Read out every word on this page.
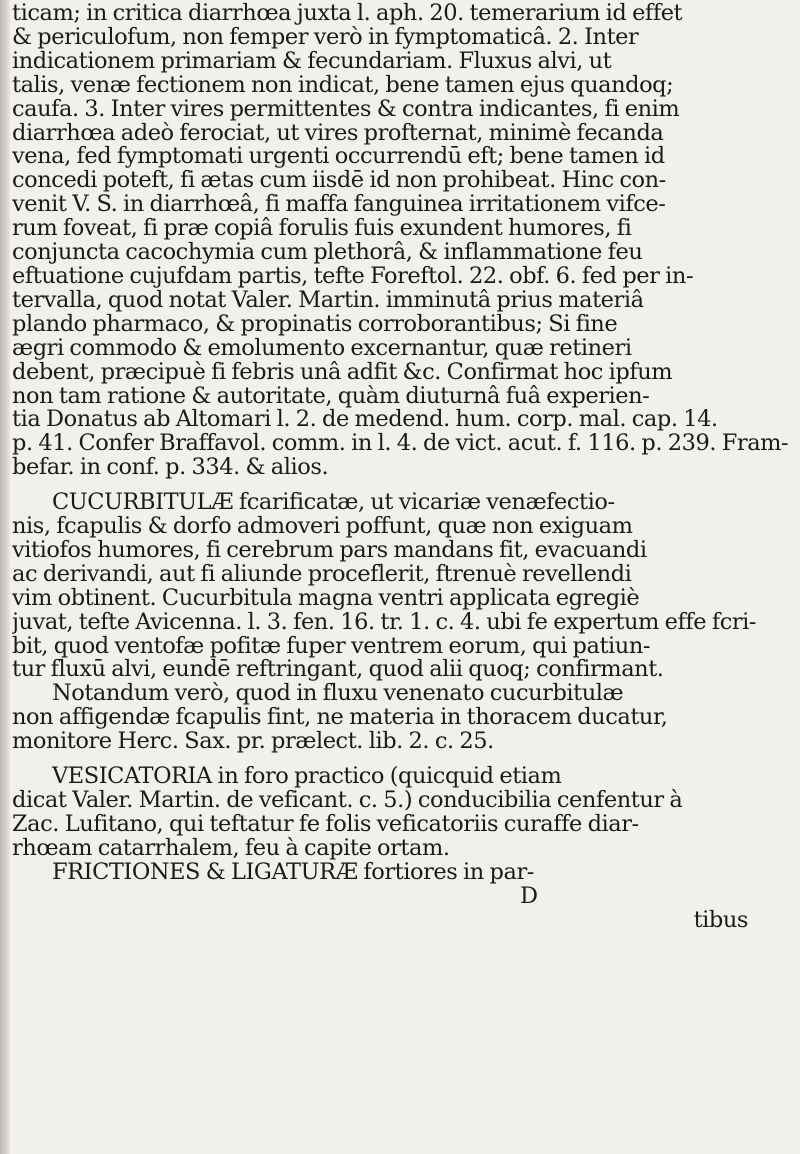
ticam; in critica diarrhœa juxta l. aph. 20. temerarium id effet
& periculofum, non femper verò in fymptomaticâ. 2. Inter
indicationem primariam & fecundariam. Fluxus alvi, ut
talis, venæ fectionem non indicat, bene tamen ejus quandoq;
caufa. 3. Inter vires permittentes & contra indicantes, fi enim
diarrhœa adeò ferociat, ut vires profternat, minimè fecanda
vena, fed fymptomati urgenti occurrendū eft; bene tamen id
concedi poteft, fi ætas cum iisdē id non prohibeat. Hinc con-
venit V. S. in diarrhœâ, fi maffa fanguinea irritationem vifce-
rum foveat, fi præ copiâ forulis fuis exundent humores, fi
conjuncta cacochymia cum plethorâ, & inflammatione feu
eftuatione cujufdam partis, tefte Foreftol. 22. obf. 6. fed per in-
tervalla, quod notat Valer. Martin. imminutâ prius materiâ
plando pharmaco, & propinatis corroborantibus; Si fine
ægri commodo & emolumento excernantur, quæ retineri
debent, præcipuè fi febris unâ adfit &c. Confirmat hoc ipfum
non tam ratione & autoritate, quàm diuturnâ fuâ experien-
tia Donatus ab Altomari l. 2. de medend. hum. corp. mal. cap. 14.
p. 41. Confer Braffavol. comm. in l. 4. de vict. acut. f. 116. p. 239. Fram-
befar. in conf. p. 334. & alios.
CUCURBITULÆ fcarificatæ, ut vicariæ venæfectio-
nis, fcapulis & dorfo admoveri poffunt, quæ non exiguam
vitiofos humores, fi cerebrum pars mandans fit, evacuandi
ac derivandi, aut fi aliunde proceflerit, ftrenuè revellendi
vim obtinent. Cucurbitula magna ventri applicata egregiè
juvat, tefte Avicenna. l. 3. fen. 16. tr. 1. c. 4. ubi fe expertum effe fcri-
bit, quod ventofæ pofitæ fuper ventrem eorum, qui patiun-
tur fluxū alvi, eundē reftringant, quod alii quoq; confirmant.
Notandum verò, quod in fluxu venenato cucurbitulæ
non affigendæ fcapulis fint, ne materia in thoracem ducatur,
monitore Herc. Sax. pr. prælect. lib. 2. c. 25.
VESICATORIA in foro practico (quicquid etiam
dicat Valer. Martin. de veficant. c. 5.) conducibilia cenfentur à
Zac. Lufitano, qui teftatur fe folis veficatoriis curaffe diar-
rhœam catarrhalem, feu à capite ortam.
FRICTIONES & LIGATURÆ fortiores in par-
D
tibus
